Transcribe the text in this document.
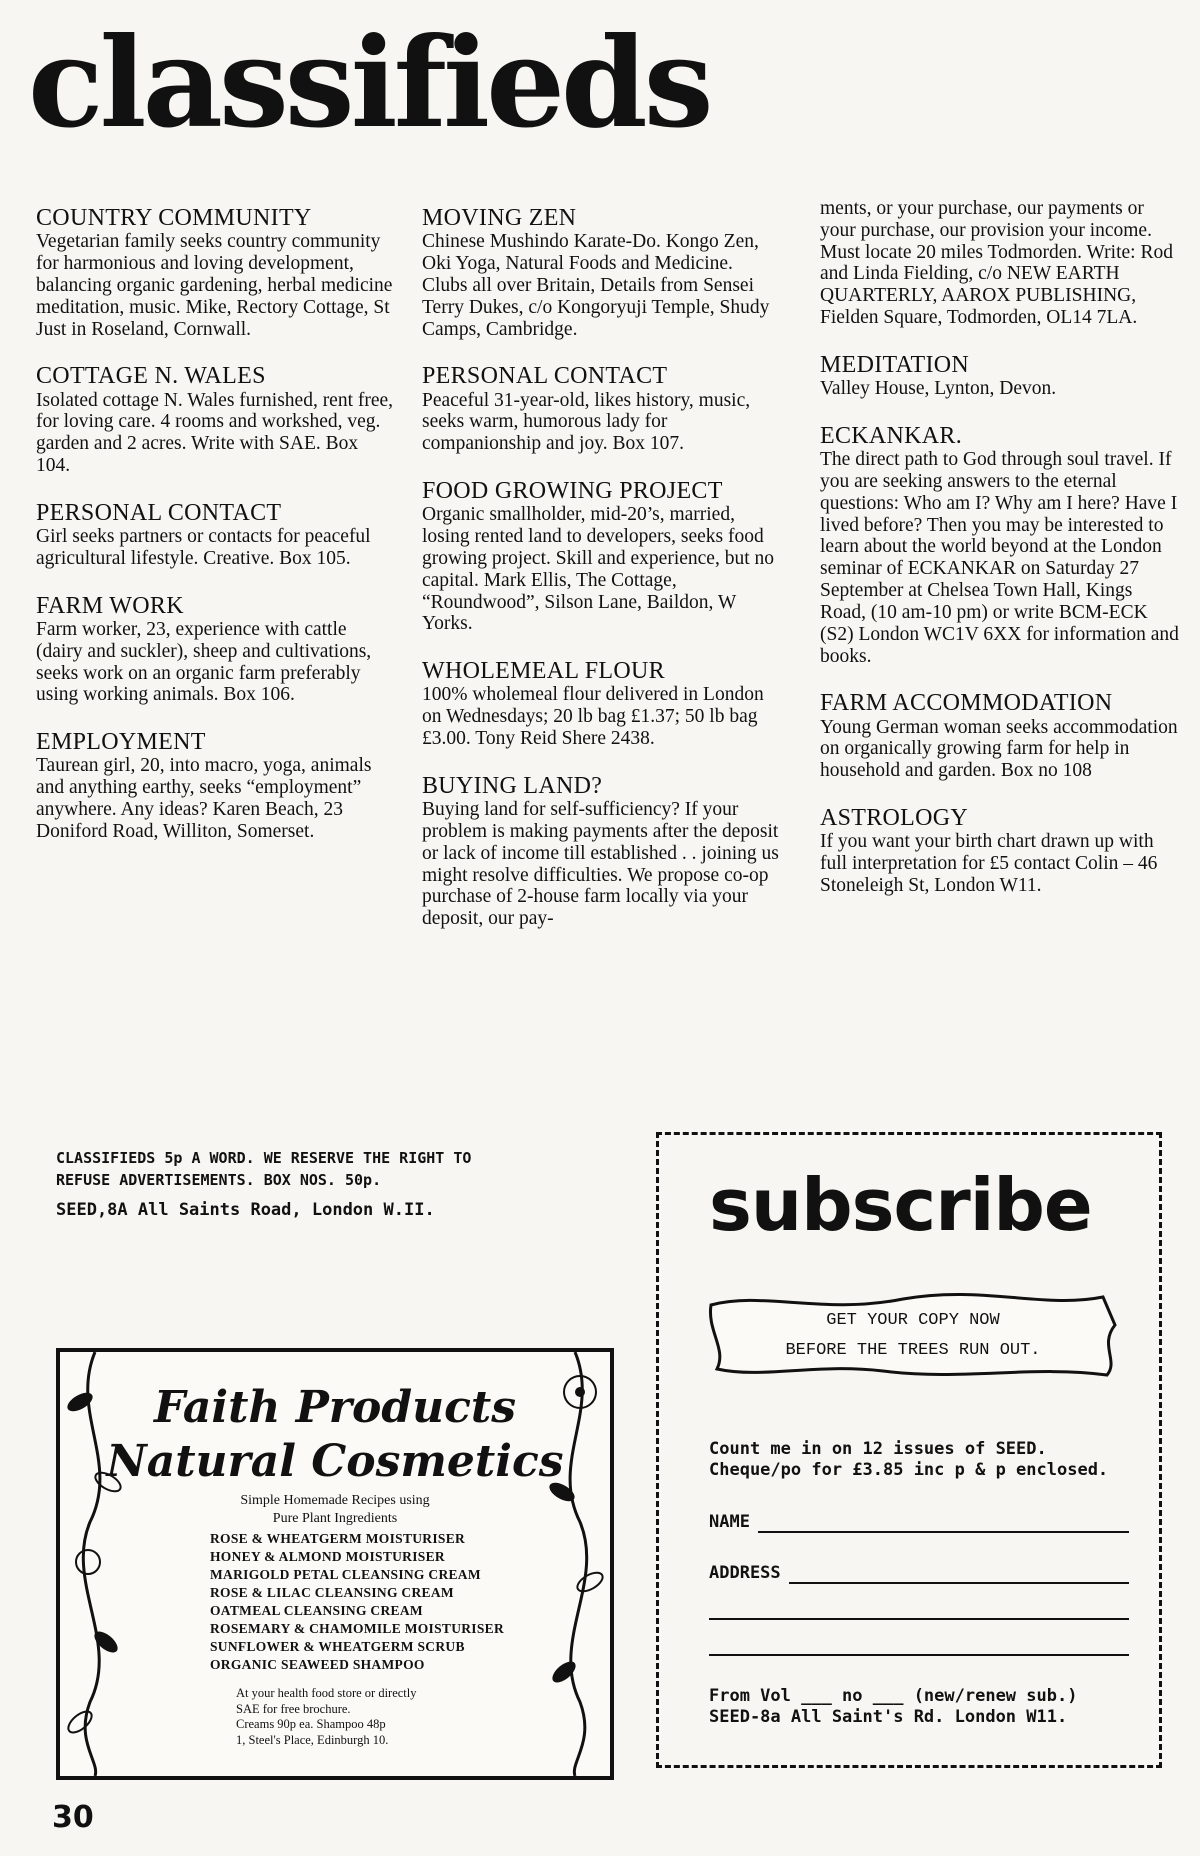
classifieds
COUNTRY COMMUNITY

Vegetarian family seeks country community for harmonious and loving development, balancing organic gardening, herbal medicine meditation, music. Mike, Rectory Cottage, St Just in Roseland, Cornwall.

COTTAGE N. WALES

Isolated cottage N. Wales furnished, rent free, for loving care. 4 rooms and workshed, veg. garden and 2 acres. Write with SAE. Box 104.

PERSONAL CONTACT

Girl seeks partners or contacts for peaceful agricultural lifestyle. Creative. Box 105.

FARM WORK

Farm worker, 23, experience with cattle (dairy and suckler), sheep and cultivations, seeks work on an organic farm preferably using working animals. Box 106.

EMPLOYMENT

Taurean girl, 20, into macro, yoga, animals and anything earthy, seeks “employment” anywhere. Any ideas? Karen Beach, 23 Doniford Road, Williton, Somerset.

MOVING ZEN

Chinese Mushindo Karate-Do. Kongo Zen, Oki Yoga, Natural Foods and Medicine. Clubs all over Britain, Details from Sensei Terry Dukes, c/o Kongoryuji Temple, Shudy Camps, Cambridge.

PERSONAL CONTACT

Peaceful 31-year-old, likes history, music, seeks warm, humorous lady for companionship and joy. Box 107.

FOOD GROWING PROJECT

Organic smallholder, mid-20’s, married, losing rented land to developers, seeks food growing project. Skill and experience, but no capital. Mark Ellis, The Cottage, “Roundwood”, Silson Lane, Baildon, W Yorks.

WHOLEMEAL FLOUR

100% wholemeal flour delivered in London on Wednesdays; 20 lb bag £1.37; 50 lb bag £3.00. Tony Reid Shere 2438.

BUYING LAND?

Buying land for self-sufficiency? If your problem is making payments after the deposit or lack of income till established . . joining us might resolve difficulties. We propose co-op purchase of 2-house farm locally via your deposit, our pay-

ments, or your purchase, our payments or your purchase, our provision your income. Must locate 20 miles Todmorden. Write: Rod and Linda Fielding, c/o NEW EARTH QUARTERLY, AAROX PUBLISHING, Fielden Square, Todmorden, OL14 7LA.

MEDITATION

Valley House, Lynton, Devon.

ECKANKAR.

The direct path to God through soul travel. If you are seeking answers to the eternal questions: Who am I? Why am I here? Have I lived before? Then you may be interested to learn about the world beyond at the London seminar of ECKANKAR on Saturday 27 September at Chelsea Town Hall, Kings Road, (10 am-10 pm) or write BCM-ECK (S2) London WC1V 6XX for information and books.

FARM ACCOMMODATION

Young German woman seeks accommodation on organically growing farm for help in household and garden. Box no 108

ASTROLOGY

If you want your birth chart drawn up with full interpretation for £5 contact Colin – 46 Stoneleigh St, London W11.

CLASSIFIEDS 5p A WORD. WE RESERVE THE RIGHT TO
REFUSE ADVERTISEMENTS. BOX NOS. 50p.
SEED,8A All Saints Road, London W.II.
Faith Products
Natural Cosmetics
Simple Homemade Recipes using
Pure Plant Ingredients
ROSE & WHEATGERM MOISTURISER
HONEY & ALMOND MOISTURISER
MARIGOLD PETAL CLEANSING CREAM
ROSE & LILAC CLEANSING CREAM
OATMEAL CLEANSING CREAM
ROSEMARY & CHAMOMILE MOISTURISER
SUNFLOWER & WHEATGERM SCRUB
ORGANIC SEAWEED SHAMPOO
At your health food store or directly
SAE for free brochure.
Creams 90p ea. Shampoo 48p
1, Steel's Place, Edinburgh 10.
subscribe
GET YOUR COPY NOW
BEFORE THE TREES RUN OUT.
Count me in on 12 issues of SEED.
Cheque/po for £3.85 inc p & p enclosed.
NAME
ADDRESS
From Vol ___ no ___ (new/renew sub.)
SEED-8a All Saint's Rd. London W11.
30
